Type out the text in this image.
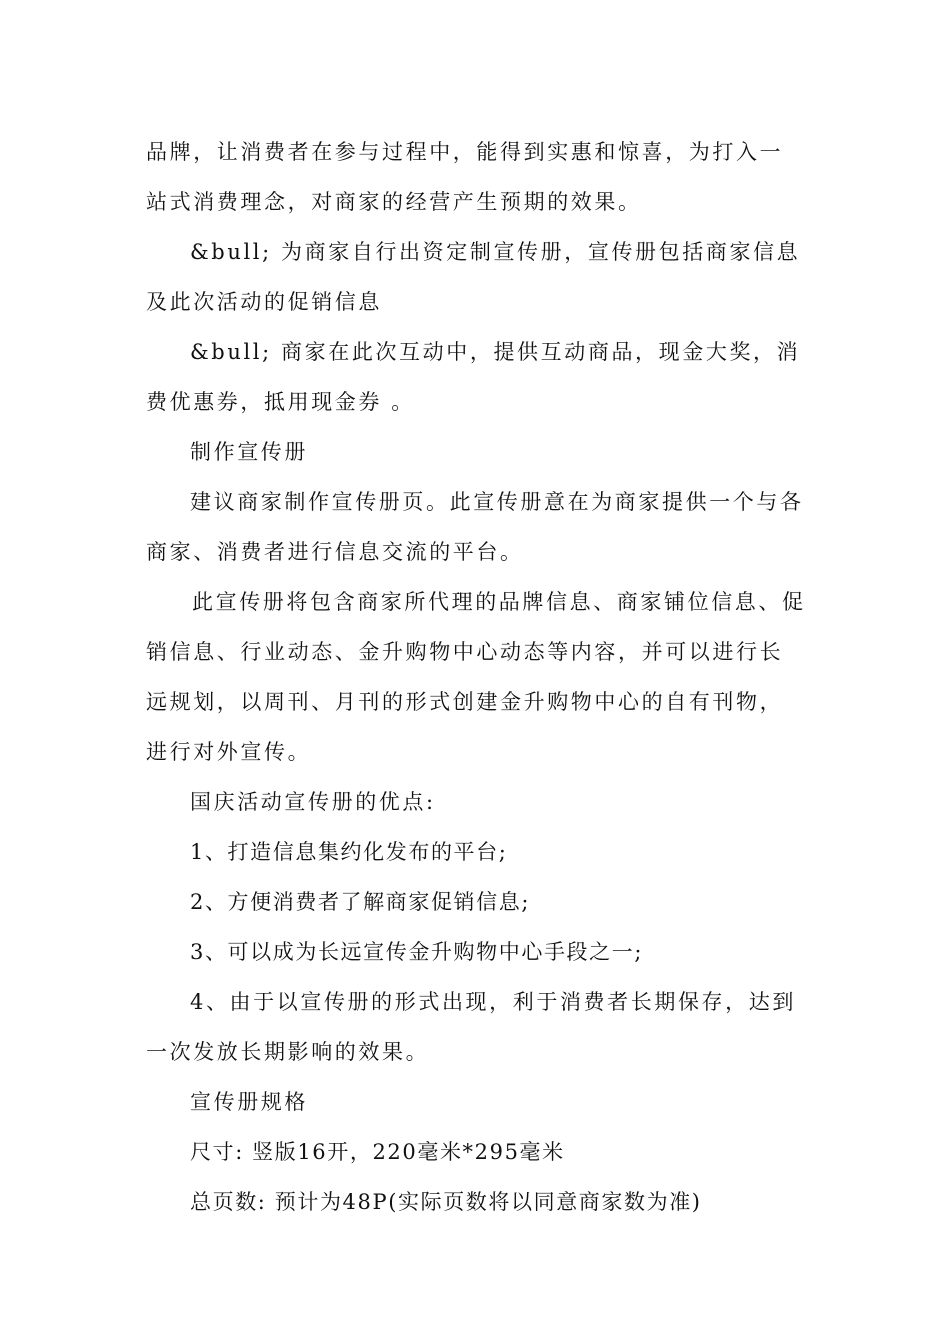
品牌，让消费者在参与过程中，能得到实惠和惊喜，为打入一站式消费理念，对商家的经营产生预期的效果。

&bull; 为商家自行出资定制宣传册，宣传册包括商家信息及此次活动的促销信息

&bull; 商家在此次互动中，提供互动商品，现金大奖，消费优惠券，抵用现金券 。

制作宣传册

建议商家制作宣传册页。此宣传册意在为商家提供一个与各商家、消费者进行信息交流的平台。

此宣传册将包含商家所代理的品牌信息、商家铺位信息、促销信息、行业动态、金升购物中心动态等内容，并可以进行长远规划，以周刊、月刊的形式创建金升购物中心的自有刊物，进行对外宣传。

国庆活动宣传册的优点:

1、打造信息集约化发布的平台;

2、方便消费者了解商家促销信息;

3、可以成为长远宣传金升购物中心手段之一;

4、由于以宣传册的形式出现，利于消费者长期保存，达到一次发放长期影响的效果。

宣传册规格

尺寸: 竖版16开，220毫米*295毫米

总页数: 预计为48P(实际页数将以同意商家数为准)
